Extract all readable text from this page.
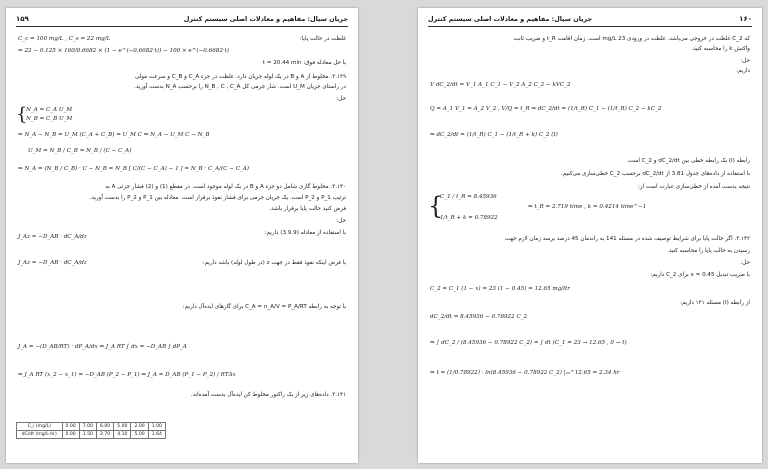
۱۵۹	جریان سیال: مفاهیم و معادلات اصلی سیستم کنترل
C_c = 100 mg/L , C_s = 22 mg/L	غلظت در حالت پایا:
⇒ 22 − 0.125 × 100/0.6682 × (1 − e^(−0.6682·t)) − 100 × e^(−0.6682·t)
با حل معادله فوق: t = 20.44 min
۳.۱۳۹. مخلوط از A و B در یک لوله جریان دارد. غلظت در جزء C_A و C_B و سرعت مولی
در راستای جریان U_M است. شار جرمی کل N_B , C , C_A را برحسب N_A بدست آورید.
حل:
{
N_A = C_A U_M
N_B = C_B U_M
⇒ N_A − N_B = U_M (C_A + C_B) = U_M C ⇒ N_A − U_M C − N_B
U_M = N_B / C_B = N_B / (C − C_A)
⇒ N_A = (N_B / C_B) · C − N_B = N_B [ C/(C − C_A) − 1 ] = N_B · C_A/(C − C_A)
۳.۱۴۰. مخلوط گازی شامل دو جزء A و B در یک لوله موجود است. در مقطع (1) و (2) فشار جزئی A به
ترتیب P_1 و P_2 است. یک جریان جرمی برای فشار نفوذ برقرار است. معادله بین P_1 و P_2 را بدست آورید.
فرض کنید حالت پایا برقرار باشد.
حل:
J_Az = −D_AB · dC_A/dz
با استفاده از معادله (3.9.9) داریم:
J_Az = −D_AB · dC_A/dz	با فرض اینکه نفوذ فقط در جهت z (در طول لوله) باشد داریم:
با توجه به رابطه C_A = n_A/V = P_A/RT برای گازهای ایده‌آل داریم:
J_A = −(D_AB/RT) · dP_A/dx ⇒ J_A RT ∫ dx = −D_AB ∫ dP_A
⇒ J_A RT (x_2 − x_1) = −D_AB (P_2 − P_1) ⇒ J_A = D_AB (P_1 − P_2) / RTΔx
۳.۱۴۱. داده‌های زیر از یک راکتور مخلوط کن ایده‌آل بدست آمده‌اند.
C_i (mg/L)	0.00	7.00	6.00	5.00	2.00	1.00
dC/dt (mg/L·hr)	0.00	1.50	2.70	4.10	5.00	1.64
۱۶۰
جریان سیال: مفاهیم و معادلات اصلی سیستم کنترل
که C_2 غلظت در خروجی می‌باشد. غلظت در ورودی 23 mg/L است. زمان اقامت t_R و ضریب ثابت
واکنش k را محاسبه کنید.
حل:
داریم:
V dC_2/dt = V_1 A_1 C_1 − V_2 A_2 C_2 − kVC_2
Q = A_1 V_1 = A_2 V_2 , V/Q = t_R ⇒ dC_2/dt = (1/t_R) C_1 − (1/t_R) C_2 − kC_2
⇒ dC_2/dt = (1/t_R) C_1 − (1/t_R + k) C_2 (I)
رابطه (I) یک رابطه خطی بین dC_2/dt و C_2 است.
با استفاده از داده‌های جدول 3.81 از dC_2/dt برحسب C_2 خطی‌سازی می‌کنیم.
نتیجه بدست آمده از خطی‌سازی عبارت است از:
{
C_1 / t_R = 8.45936
⇒ t_R = 2.719 time , k = 0.4214 time^−1
1/t_R + k = 0.78922
۳.۱۴۲. اگر حالت پایا برای شرایط توصیف شده در مسئله 141 به راندمان 45 درصد برسد زمان لازم جهت
رسیدن به حالت پایا را محاسبه کنید.
حل:
با ضریب تبدیل 0.45 = x برای C_2 داریم:
C_2 = C_1 (1 − x) = 23 (1 − 0.45) = 12.65 mg/ltr
از رابطه (I) مسئله ۱۴۱ داریم:
dC_2/dt = 8.45936 − 0.78922 C_2
⇒ ∫ dC_2 / (8.45936 − 0.78922 C_2) = ∫ dt (C_1 = 23 → 12.65 , 0 → t)
⇒ t = (1/0.78922) · ln(8.45936 − 0.78922 C_2) |₂₃^12.65 = 2.34 hr
